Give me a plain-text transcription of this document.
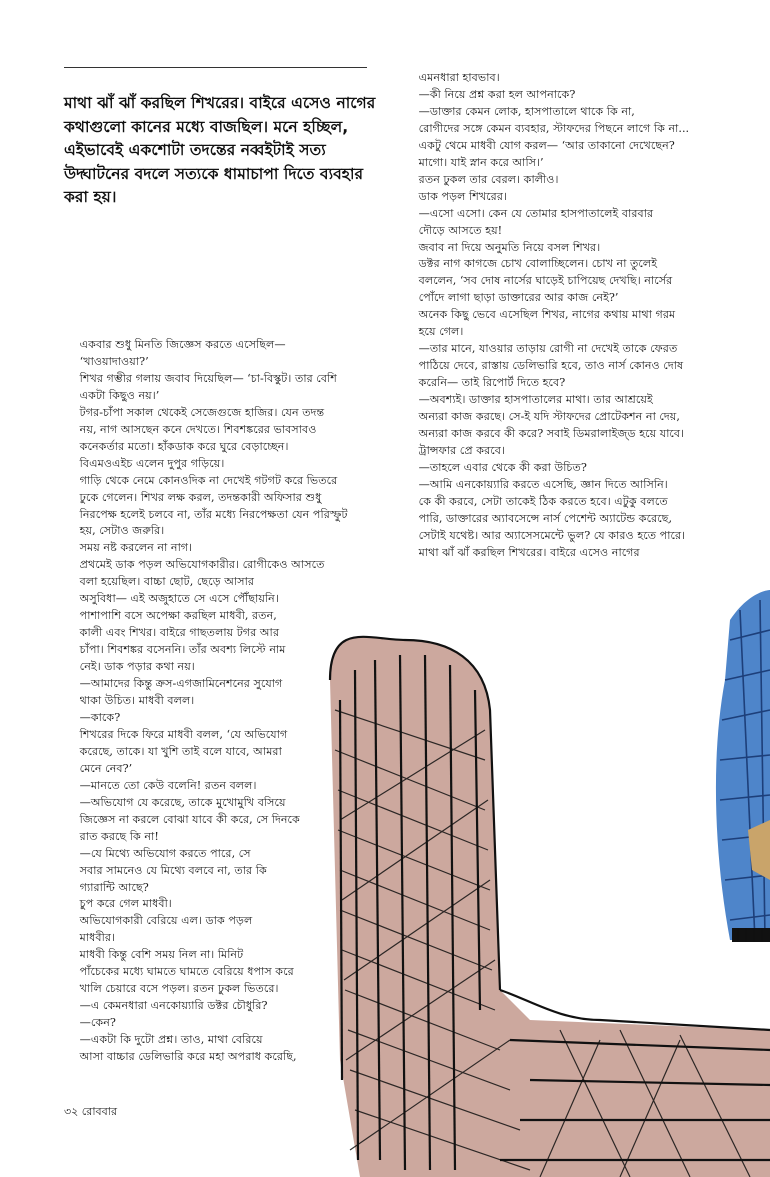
মাথা ঝাঁ ঝাঁ করছিল শিখরের। বাইরে এসেও নাগের কথাগুলো কানের মধ্যে বাজছিল। মনে হচ্ছিল, এইভাবেই একশোটা তদন্তের নব্বইটাই সত্য উদ্ঘাটনের বদলে সত্যকে ধামাচাপা দিতে ব্যবহার করা হয়।

একবার শুধু মিনতি জিজ্ঞেস করতে এসেছিল—

‘খাওয়াদাওয়া?’

শিখর গম্ভীর গলায় জবাব দিয়েছিল— ‘চা-বিস্কুট। তার বেশি

একটা কিছুও নয়।’

টগর-চাঁপা সকাল থেকেই সেজেগুজে হাজির। যেন তদন্ত

নয়, নাগ আসছেন কনে দেখতে। শিবশঙ্করের ভাবসাবও

কনেকর্তার মতো। হাঁকডাক করে ঘুরে বেড়াচ্ছেন।

বিএমওএইচ এলেন দুপুর গড়িয়ে।

গাড়ি থেকে নেমে কোনওদিক না দেখেই গটগট করে ভিতরে

ঢুকে গেলেন। শিখর লক্ষ করল, তদন্তকারী অফিসার শুধু

নিরপেক্ষ হলেই চলবে না, তাঁর মধ্যে নিরপেক্ষতা যেন পরিস্ফুট

হয়, সেটাও জরুরি।

সময় নষ্ট করলেন না নাগ।

প্রথমেই ডাক পড়ল অভিযোগকারীর। রোগীকেও আসতে

বলা হয়েছিল। বাচ্চা ছোট, ছেড়ে আসার

অসুবিধা— এই অজুহাতে সে এসে পৌঁছায়নি।

পাশাপাশি বসে অপেক্ষা করছিল মাধবী, রতন,

কালী এবং শিখর। বাইরে গাছতলায় টগর আর

চাঁপা। শিবশঙ্কর বসেননি। তাঁর অবশ্য লিস্টে নাম

নেই। ডাক পড়ার কথা নয়।

—আমাদের কিন্তু ক্রস-এগজামিনেশনের সুযোগ

থাকা উচিত। মাধবী বলল।

—কাকে?

শিখরের দিকে ফিরে মাধবী বলল, ‘যে অভিযোগ

করেছে, তাকে। যা খুশি তাই বলে যাবে, আমরা

মেনে নেব?’

—মানতে তো কেউ বলেনি! রতন বলল।

—অভিযোগ যে করেছে, তাকে মুখোমুখি বসিয়ে

জিজ্ঞেস না করলে বোঝা যাবে কী করে, সে দিনকে

রাত করছে কি না!

—যে মিথ্যে অভিযোগ করতে পারে, সে

সবার সামনেও যে মিথ্যে বলবে না, তার কি

গ্যারান্টি আছে?

চুপ করে গেল মাধবী।

অভিযোগকারী বেরিয়ে এল। ডাক পড়ল

মাধবীর।

মাধবী কিন্তু বেশি সময় নিল না। মিনিট

পাঁচেকের মধ্যে ঘামতে ঘামতে বেরিয়ে ধপাস করে

খালি চেয়ারে বসে পড়ল। রতন ঢুকল ভিতরে।

—এ কেমনধারা এনকোয়্যারি ডক্টর চৌধুরি?

—কেন?

—একটা কি দুটো প্রশ্ন। তাও, মাথা বেরিয়ে

আসা বাচ্চার ডেলিভারি করে মহা অপরাধ করেছি,

এমনধারা হাবভাব।

—কী নিয়ে প্রশ্ন করা হল আপনাকে?

—ডাক্তার কেমন লোক, হাসপাতালে থাকে কি না,

রোগীদের সঙ্গে কেমন ব্যবহার, স্টাফদের পিছনে লাগে কি না...

একটু থেমে মাধবী যোগ করল— ‘আর তাকানো দেখেছেন?

মাগো। যাই স্নান করে আসি।’

রতন ঢুকল তার বেরল। কালীও।

ডাক পড়ল শিখরের।

—এসো এসো। কেন যে তোমার হাসপাতালেই বারবার

দৌড়ে আসতে হয়!

জবাব না দিয়ে অনুমতি নিয়ে বসল শিখর।

ডক্টর নাগ কাগজে চোখ বোলাচ্ছিলেন। চোখ না তুলেই

বললেন, ‘সব দোষ নার্সের ঘাড়েই চাপিয়েছ দেখছি। নার্সের

পোঁদে লাগা ছাড়া ডাক্তারের আর কাজ নেই?’

অনেক কিছু ভেবে এসেছিল শিখর, নাগের কথায় মাথা গরম

হয়ে গেল।

—তার মানে, যাওয়ার তাড়ায় রোগী না দেখেই তাকে ফেরত

পাঠিয়ে দেবে, রাস্তায় ডেলিভারি হবে, তাও নার্স কোনও দোষ

করেনি— তাই রিপোর্ট দিতে হবে?

—অবশ্যই। ডাক্তার হাসপাতালের মাথা। তার আশ্রয়েই

অন্যরা কাজ করছে। সে-ই যদি স্টাফদের প্রোটেকশন না দেয়,

অন্যরা কাজ করবে কী করে? সবাই ডিমরালাইজ্‌ড হয়ে যাবে।

ট্রান্সফার প্রে করবে।

—তাহলে এবার থেকে কী করা উচিত?

—আমি এনকোয়্যারি করতে এসেছি, জ্ঞান দিতে আসিনি।

কে কী করবে, সেটা তাকেই ঠিক করতে হবে। এটুকু বলতে

পারি, ডাক্তারের অ্যাবসেন্সে নার্স পেশেন্ট অ্যাটেন্ড করেছে,

সেটাই যথেষ্ট। আর অ্যাসেসমেন্টে ভুল? যে কারও হতে পারে।

মাথা ঝাঁ ঝাঁ করছিল শিখরের। বাইরে এসেও নাগের

৩২ রোববার
